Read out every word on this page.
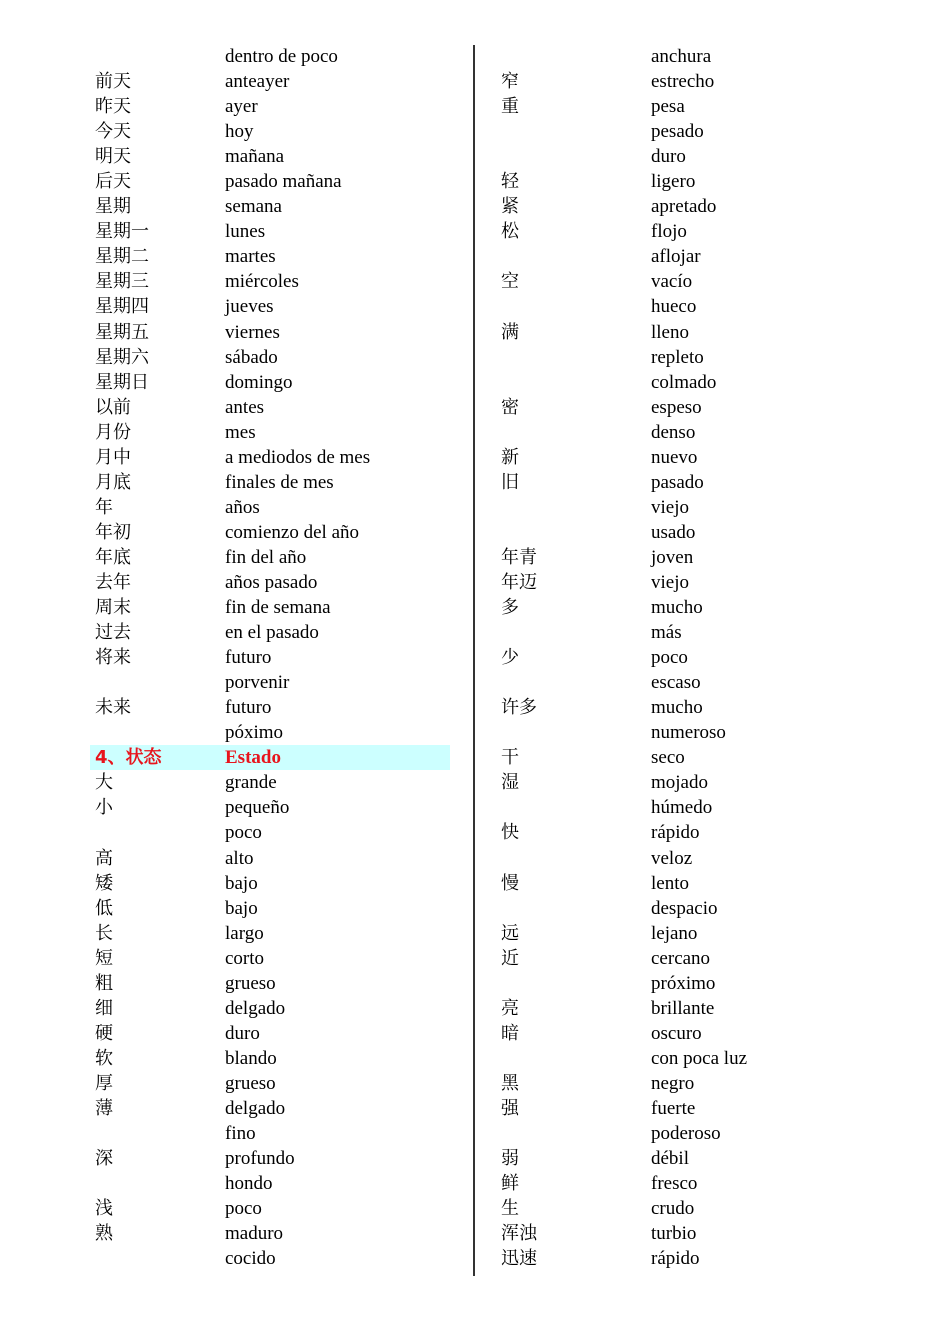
dentro de poco
前天	anteayer
昨天	ayer
今天	hoy
明天	mañana
后天	pasado mañana
星期	semana
星期一	lunes
星期二	martes
星期三	miércoles
星期四	jueves
星期五	viernes
星期六	sábado
星期日	domingo
以前	antes
月份	mes
月中	a mediodos de mes
月底	finales de mes
年	años
年初	comienzo del año
年底	fin del año
去年	años pasado
周末	fin de semana
过去	en el pasado
将来	futuro
porvenir
未来	futuro
póximo
4、状态	Estado
大	grande
小	pequeño
poco
高	alto
矮	bajo
低	bajo
长	largo
短	corto
粗	grueso
细	delgado
硬	duro
软	blando
厚	grueso
薄	delgado
fino
深	profundo
hondo
浅	poco
熟	maduro
cocido
anchura
窄	estrecho
重	pesa
pesado
duro
轻	ligero
紧	apretado
松	flojo
aflojar
空	vacío
hueco
满	lleno
repleto
colmado
密	espeso
denso
新	nuevo
旧	pasado
viejo
usado
年青	joven
年迈	viejo
多	mucho
más
少	poco
escaso
许多	mucho
numeroso
干	seco
湿	mojado
húmedo
快	rápido
veloz
慢	lento
despacio
远	lejano
近	cercano
próximo
亮	brillante
暗	oscuro
con poca luz
黑	negro
强	fuerte
poderoso
弱	débil
鲜	fresco
生	crudo
浑浊	turbio
迅速	rápido
